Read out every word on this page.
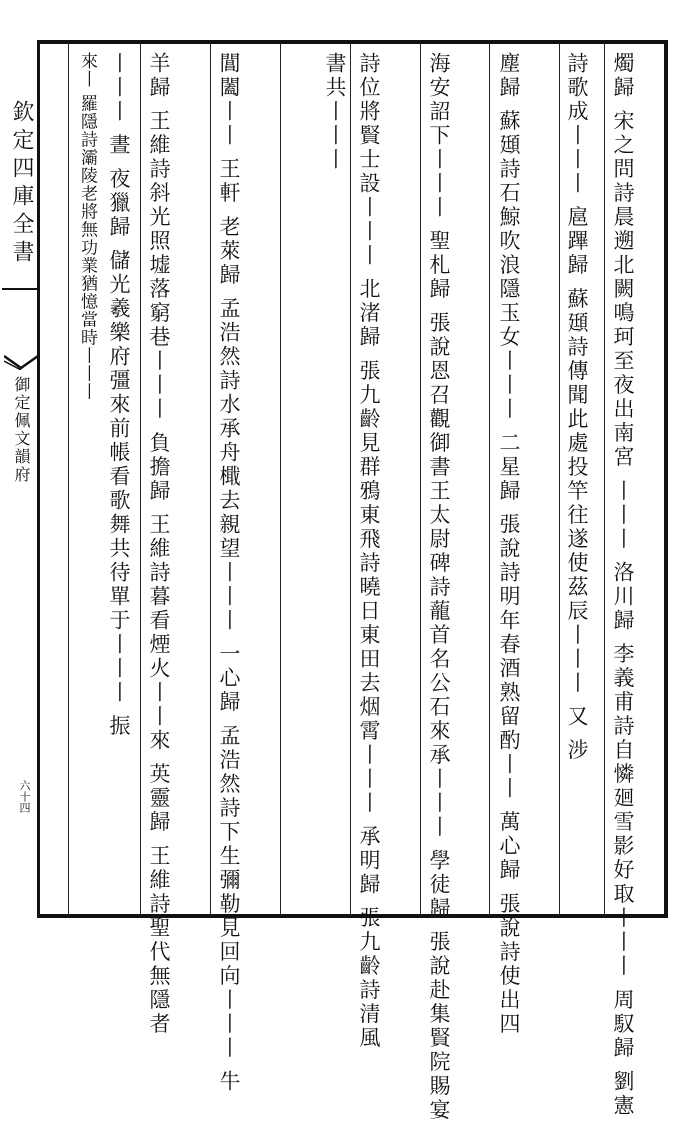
欽定四庫全書
御定佩文韻府
六十四	燭歸 宋之問詩晨遡北闕鳴珂至夜出南宮 丨丨丨 洛川歸 李義甫詩自憐廻雪影好取丨丨丨 周馭歸 劉憲
詩歌成丨丨丨 扈蹕歸 蘇頲詩傳聞此處投竿往遂使茲辰丨丨丨 又 涉
塵歸 蘇頲詩石鯨吹浪隱玉女丨丨丨 二星歸 張說詩明年春酒熟留酌丨丨 萬心歸 張說詩使出四
海安詔下丨丨丨 聖札歸 張說恩召觀御書王太尉碑詩蘢首名公石來承丨丨丨 學徒歸 張說赴集賢院賜宴
詩位將賢士設丨丨丨 北渚歸 張九齡見群鴉東飛詩曉日東田去烟霄丨丨丨 承明歸 張九齡詩清風
書共丨丨丨
閶闔丨丨 王軒 老萊歸 孟浩然詩水承舟檝去親望丨丨丨 一心歸 孟浩然詩下生彌勒見回向丨丨丨 牛
羊歸 王維詩斜光照墟落窮巷丨丨丨 負擔歸 王維詩暮看煙火丨丨來 英靈歸 王維詩聖代無隱者
丨丨丨 晝 夜獵歸 儲光羲樂府彊來前帳看歌舞共待單于丨丨丨 振
來丨 羅隱詩灞陵老將無功業猶憶當時丨丨丨
